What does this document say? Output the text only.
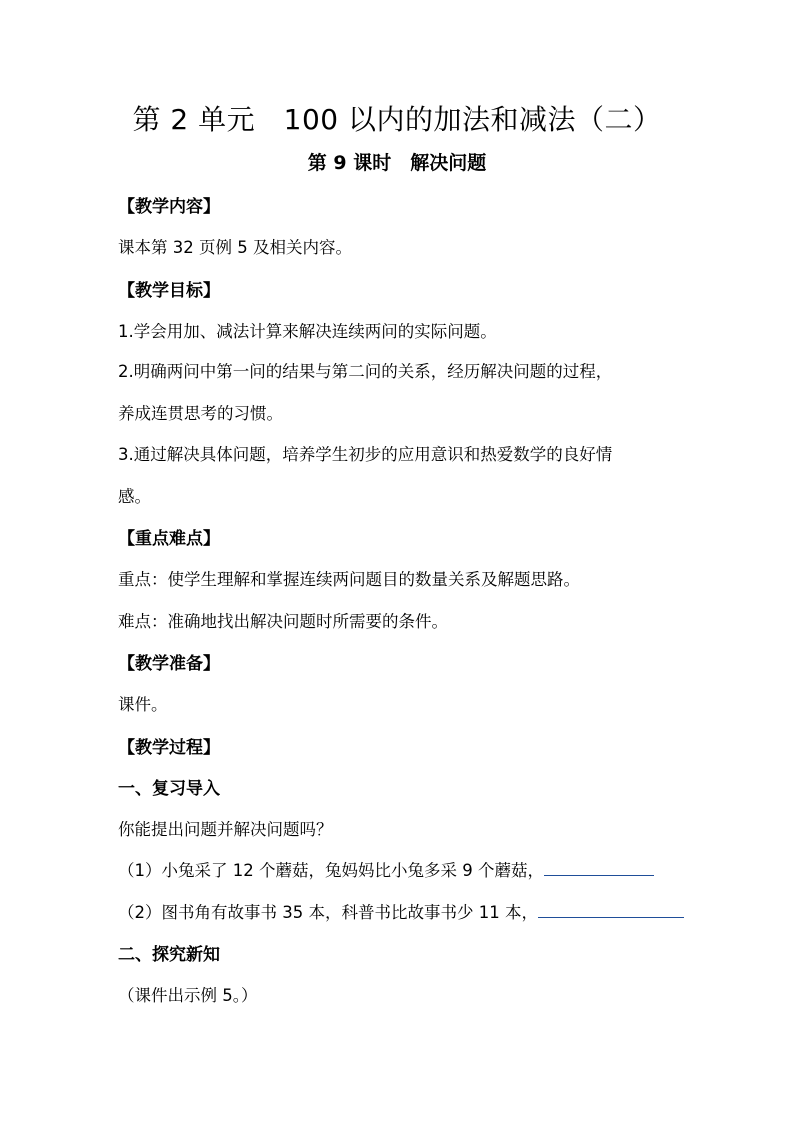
第 2 单元　100 以内的加法和减法（二）
第 9 课时　解决问题
【教学内容】
课本第 32 页例 5 及相关内容。
【教学目标】
1.学会用加、减法计算来解决连续两问的实际问题。
2.明确两问中第一问的结果与第二问的关系，经历解决问题的过程，
养成连贯思考的习惯。
3.通过解决具体问题，培养学生初步的应用意识和热爱数学的良好情
感。
【重点难点】
重点：使学生理解和掌握连续两问题目的数量关系及解题思路。
难点：准确地找出解决问题时所需要的条件。
【教学准备】
课件。
【教学过程】
一、复习导入
你能提出问题并解决问题吗？
（1）小兔采了 12 个蘑菇，兔妈妈比小兔多采 9 个蘑菇，
（2）图书角有故事书 35 本，科普书比故事书少 11 本，
二、探究新知
（课件出示例 5。）
